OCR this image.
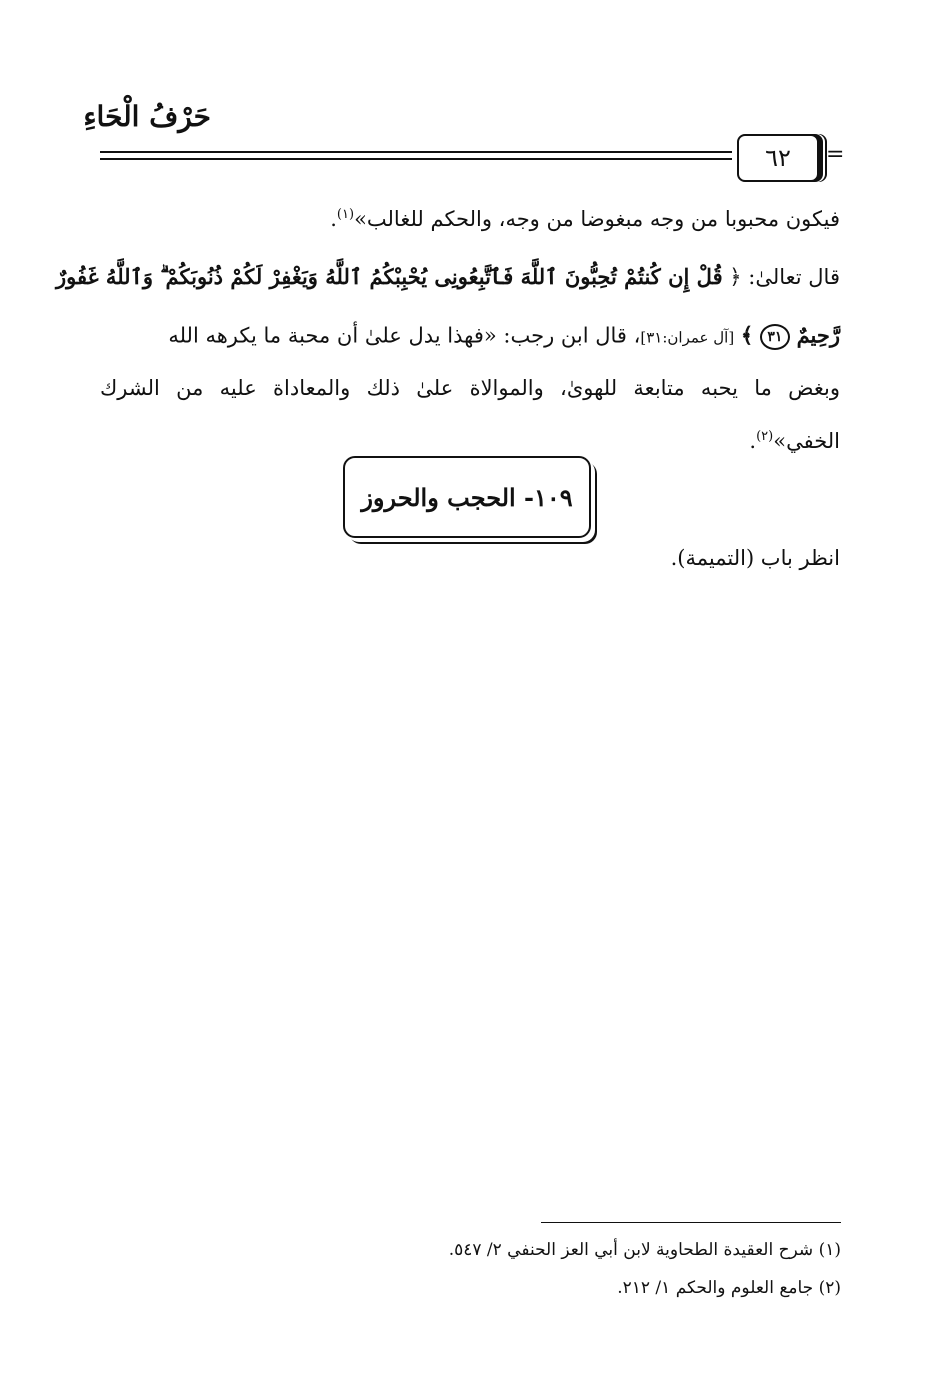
حَرْفُ الْحَاءِ
٦٢ =
فيكون محبوبا من وجه مبغوضا من وجه، والحكم للغالب»$^{(١)}$.
قال تعالىٰ: ﴿ قُلْ إِن كُنتُمْ تُحِبُّونَ ٱللَّهَ فَٱتَّبِعُونِى يُحْبِبْكُمُ ٱللَّهُ وَيَغْفِرْ لَكُمْ ذُنُوبَكُمْ ۗ وَٱللَّهُ غَفُورٌ
رَّحِيمٌ ٣١ ﴾ [آل عمران:٣١]، قال ابن رجب: «فهذا يدل علىٰ أن محبة ما يكرهه الله
وبغض ما يحبه متابعة للهوىٰ، والموالاة علىٰ ذلك والمعاداة عليه من الشرك
الخفي»$^{(٢)}$.
١٠٩- الحجب والحروز
انظر باب (التميمة).
(١) شرح العقيدة الطحاوية لابن أبي العز الحنفي ٢/ ٥٤٧.
(٢) جامع العلوم والحكم ١/ ٢١٢.
